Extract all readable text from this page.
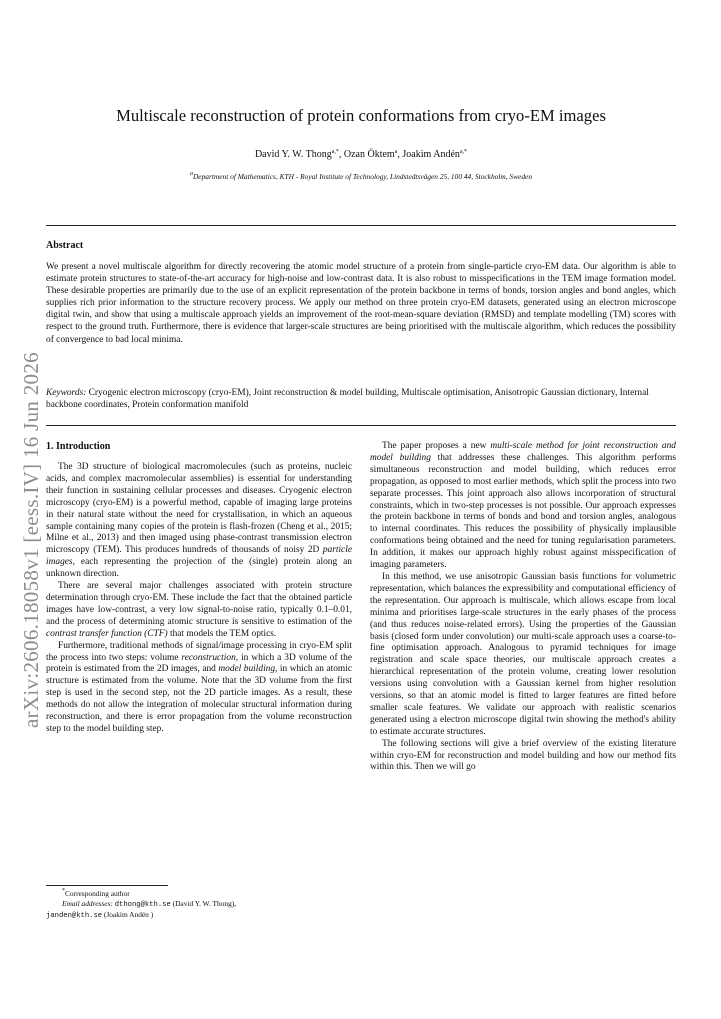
arXiv:2606.18058v1 [eess.IV] 16 Jun 2026
Multiscale reconstruction of protein conformations from cryo-EM images
David Y. W. Thong$^{a,*}$, Ozan Öktem$^a$, Joakim Andén$^{a,*}$
$^a$Department of Mathematics, KTH - Royal Institute of Technology, Lindstedtsvägen 25, 100 44, Stockholm, Sweden
Abstract
We present a novel multiscale algorithm for directly recovering the atomic model structure of a protein from single-particle cryo-EM data. Our algorithm is able to estimate protein structures to state-of-the-art accuracy for high-noise and low-contrast data. It is also robust to misspecifications in the TEM image formation model. These desirable properties are primarily due to the use of an explicit representation of the protein backbone in terms of bonds, torsion angles and bond angles, which supplies rich prior information to the structure recovery process. We apply our method on three protein cryo-EM datasets, generated using an electron microscope digital twin, and show that using a multiscale approach yields an improvement of the root-mean-square deviation (RMSD) and template modelling (TM) scores with respect to the ground truth. Furthermore, there is evidence that larger-scale structures are being prioritised with the multiscale algorithm, which reduces the possibility of convergence to bad local minima.
Keywords: Cryogenic electron microscopy (cryo-EM), Joint reconstruction & model building, Multiscale optimisation, Anisotropic Gaussian dictionary, Internal backbone coordinates, Protein conformation manifold
1. Introduction

The 3D structure of biological macromolecules (such as proteins, nucleic acids, and complex macromolecular assemblies) is essential for understanding their function in sustaining cellular processes and diseases. Cryogenic electron microscopy (cryo-EM) is a powerful method, capable of imaging large proteins in their natural state without the need for crystallisation, in which an aqueous sample containing many copies of the protein is flash-frozen (Cheng et al., 2015; Milne et al., 2013) and then imaged using phase-contrast transmission electron microscopy (TEM). This produces hundreds of thousands of noisy 2D particle images, each representing the projection of the (single) protein along an unknown direction.

There are several major challenges associated with protein structure determination through cryo-EM. These include the fact that the obtained particle images have low-contrast, a very low signal-to-noise ratio, typically 0.1–0.01, and the process of determining atomic structure is sensitive to estimation of the contrast transfer function (CTF) that models the TEM optics.

Furthermore, traditional methods of signal/image processing in cryo-EM split the process into two steps: volume reconstruction, in which a 3D volume of the protein is estimated from the 2D images, and model building, in which an atomic structure is estimated from the volume. Note that the 3D volume from the first step is used in the second step, not the 2D particle images. As a result, these methods do not allow the integration of molecular structural information during reconstruction, and there is error propagation from the volume reconstruction step to the model building step.

The paper proposes a new multi-scale method for joint reconstruction and model building that addresses these challenges. This algorithm performs simultaneous reconstruction and model building, which reduces error propagation, as opposed to most earlier methods, which split the process into two separate processes. This joint approach also allows incorporation of structural constraints, which in two-step processes is not possible. Our approach expresses the protein backbone in terms of bonds and bond and torsion angles, analogous to internal coordinates. This reduces the possibility of physically implausible conformations being obtained and the need for tuning regularisation parameters. In addition, it makes our approach highly robust against misspecification of imaging parameters.

In this method, we use anisotropic Gaussian basis functions for volumetric representation, which balances the expressibility and computational efficiency of the representation. Our approach is multiscale, which allows escape from local minima and prioritises large-scale structures in the early phases of the process (and thus reduces noise-related errors). Using the properties of the Gaussian basis (closed form under convolution) our multi-scale approach uses a coarse-to-fine optimisation approach. Analogous to pyramid techniques for image registration and scale space theories, our multiscale approach creates a hierarchical representation of the protein volume, creating lower resolution versions using convolution with a Gaussian kernel from higher resolution versions, so that an atomic model is fitted to larger features are fitted before smaller scale features. We validate our approach with realistic scenarios generated using a electron microscope digital twin showing the method's ability to estimate accurate structures.

The following sections will give a brief overview of the existing literature within cryo-EM for reconstruction and model building and how our method fits within this. Then we will go

*Corresponding author
Email addresses: dthong@kth.se (David Y. W. Thong),
janden@kth.se (Joakim Andén )
